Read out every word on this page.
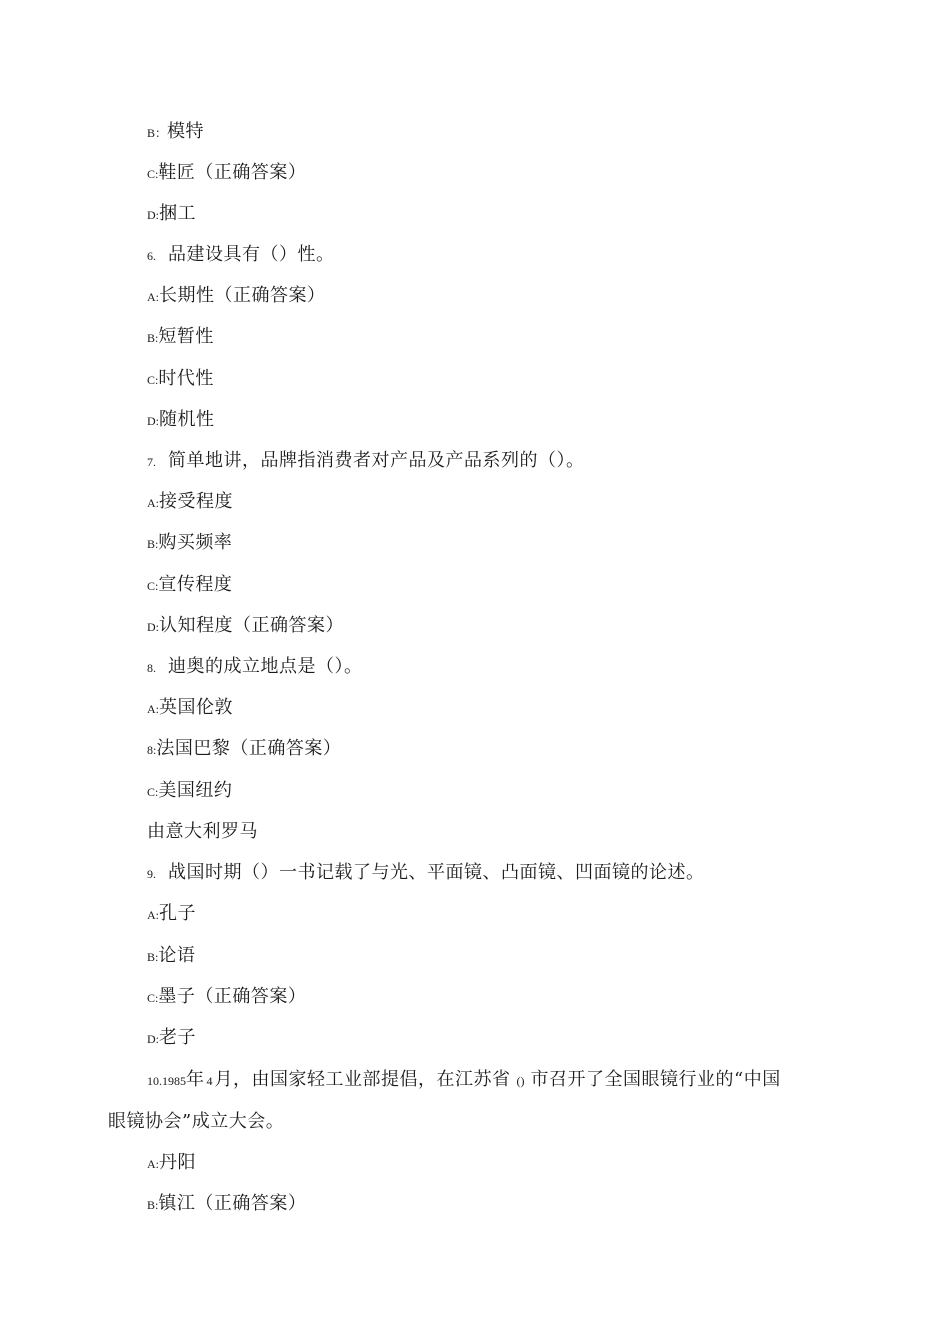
B：模特
C:鞋匠（正确答案）
D:捆工
6. 品建设具有（）性。
A:长期性（正确答案）
B:短暂性
C:时代性
D:随机性
7. 简单地讲，品牌指消费者对产品及产品系列的（）。
A:接受程度
B:购买频率
C:宣传程度
D:认知程度（正确答案）
8. 迪奥的成立地点是（）。
A:英国伦敦
8:法国巴黎（正确答案）
C:美国纽约
由意大利罗马
9. 战国时期（）一书记载了与光、平面镜、凸面镜、凹面镜的论述。
A:孔子
B:论语
C:墨子（正确答案）
D:老子
10.1985年 4 月，由国家轻工业部提倡，在江苏省 () 市召开了全国眼镜行业的“中国
眼镜协会”成立大会。
A:丹阳
B:镇江（正确答案）
